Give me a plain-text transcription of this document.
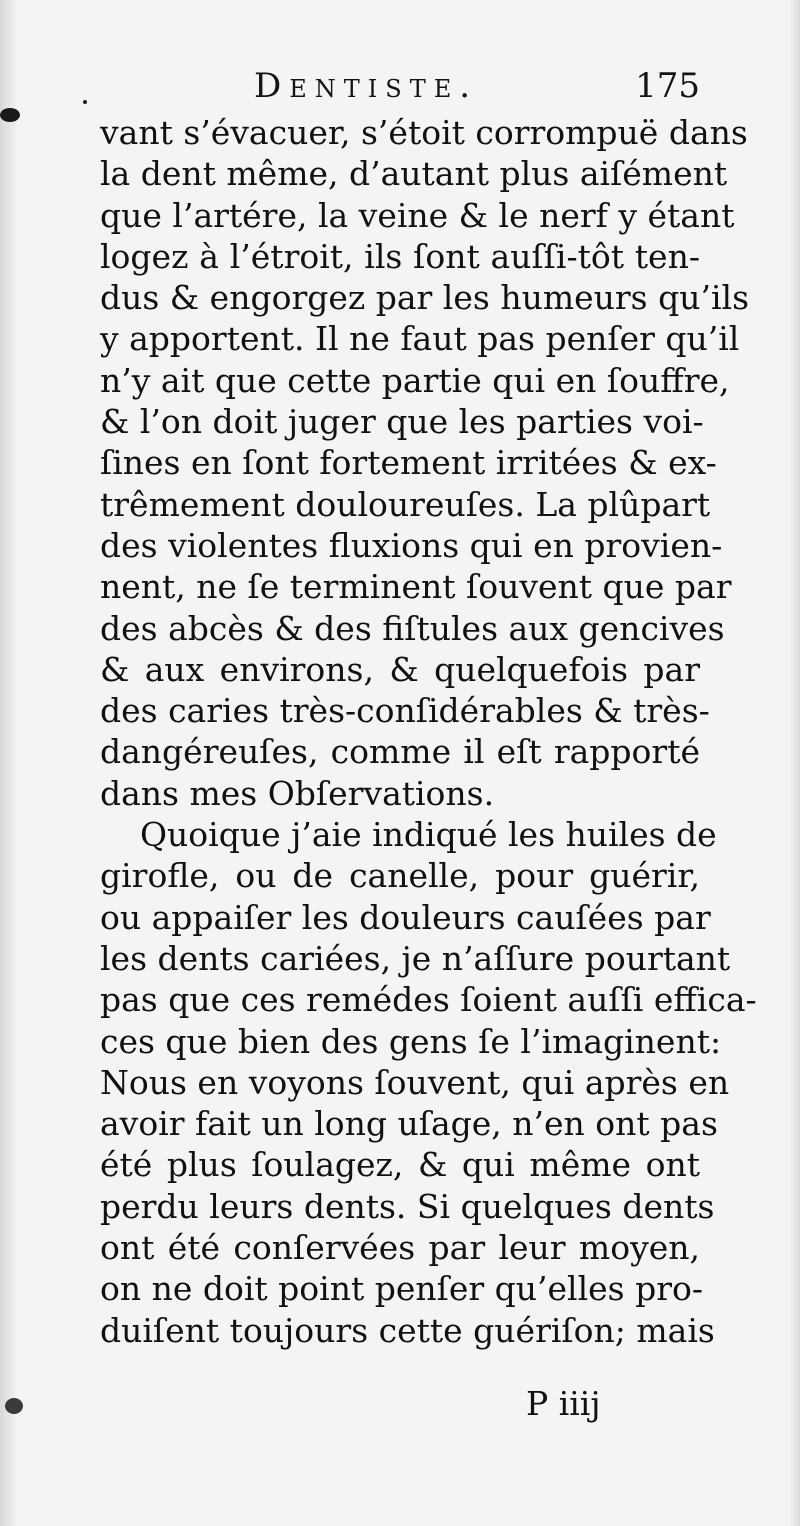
Dentiste.	175
vant s’évacuer, s’étoit corrompuë dans
la dent même, d’autant plus aiſément
que l’artére, la veine & le nerf y étant
logez à l’étroit, ils ſont auſſi-tôt ten-
dus & engorgez par les humeurs qu’ils
y apportent. Il ne faut pas penſer qu’il
n’y ait que cette partie qui en ſouffre,
& l’on doit juger que les parties voi-
ſines en ſont fortement irritées & ex-
trêmement douloureuſes. La plûpart
des violentes fluxions qui en provien-
nent, ne ſe terminent ſouvent que par
des abcès & des fiſtules aux gencives
& aux environs, & quelquefois par
des caries très-conſidérables & très-
dangéreuſes, comme il eſt rapporté
dans mes Obſervations.
Quoique j’aie indiqué les huiles de
girofle, ou de canelle, pour guérir,
ou appaiſer les douleurs cauſées par
les dents cariées, je n’aſſure pourtant
pas que ces remédes ſoient auſſi effica-
ces que bien des gens ſe l’imaginent:
Nous en voyons ſouvent, qui après en
avoir fait un long uſage, n’en ont pas
été plus ſoulagez, & qui même ont
perdu leurs dents. Si quelques dents
ont été conſervées par leur moyen,
on ne doit point penſer qu’elles pro-
duiſent toujours cette guériſon; mais
P iiij
